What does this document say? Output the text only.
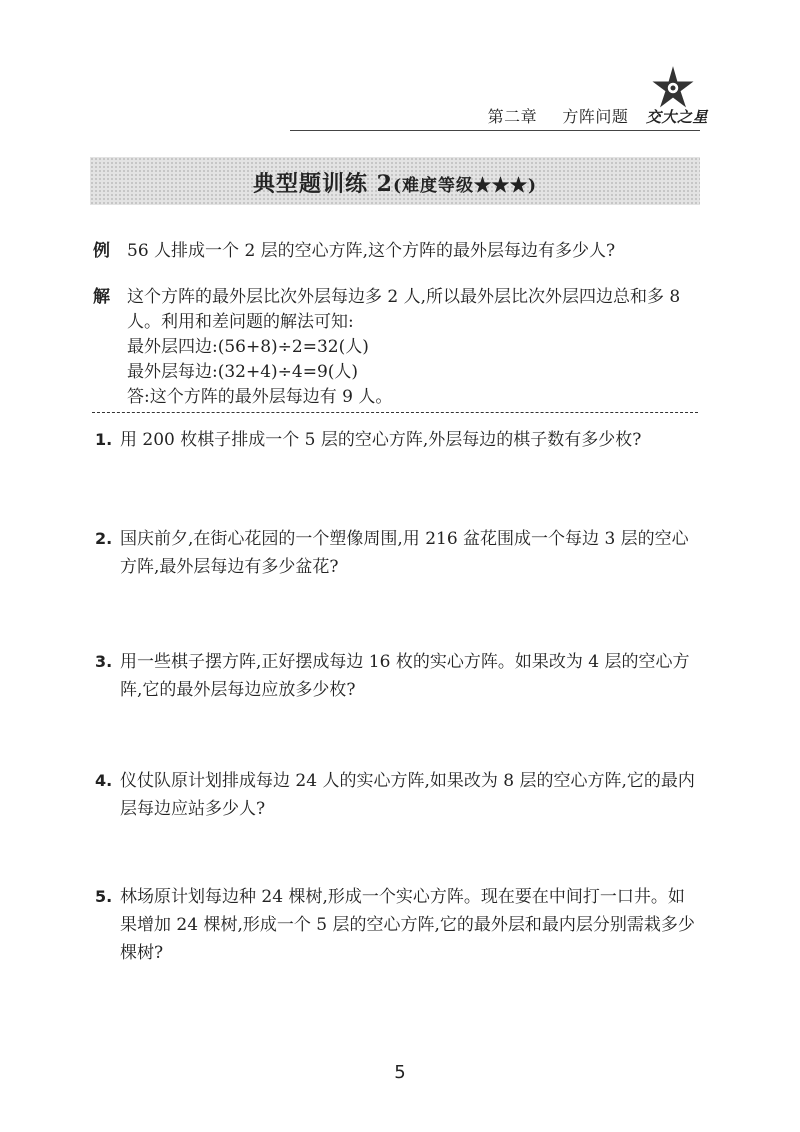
第二章 方阵问题 交大之星
典型题训练 2(难度等级★★★)
例 56 人排成一个 2 层的空心方阵,这个方阵的最外层每边有多少人?
解 这个方阵的最外层比次外层每边多 2 人,所以最外层比次外层四边总和多 8
人。利用和差问题的解法可知:
最外层四边:(56+8)÷2=32(人)
最外层每边:(32+4)÷4=9(人)
答:这个方阵的最外层每边有 9 人。
1. 用 200 枚棋子排成一个 5 层的空心方阵,外层每边的棋子数有多少枚?
2. 国庆前夕,在街心花园的一个塑像周围,用 216 盆花围成一个每边 3 层的空心
方阵,最外层每边有多少盆花?
3. 用一些棋子摆方阵,正好摆成每边 16 枚的实心方阵。如果改为 4 层的空心方
阵,它的最外层每边应放多少枚?
4. 仪仗队原计划排成每边 24 人的实心方阵,如果改为 8 层的空心方阵,它的最内
层每边应站多少人?
5. 林场原计划每边种 24 棵树,形成一个实心方阵。现在要在中间打一口井。如
果增加 24 棵树,形成一个 5 层的空心方阵,它的最外层和最内层分别需栽多少
棵树?
5
